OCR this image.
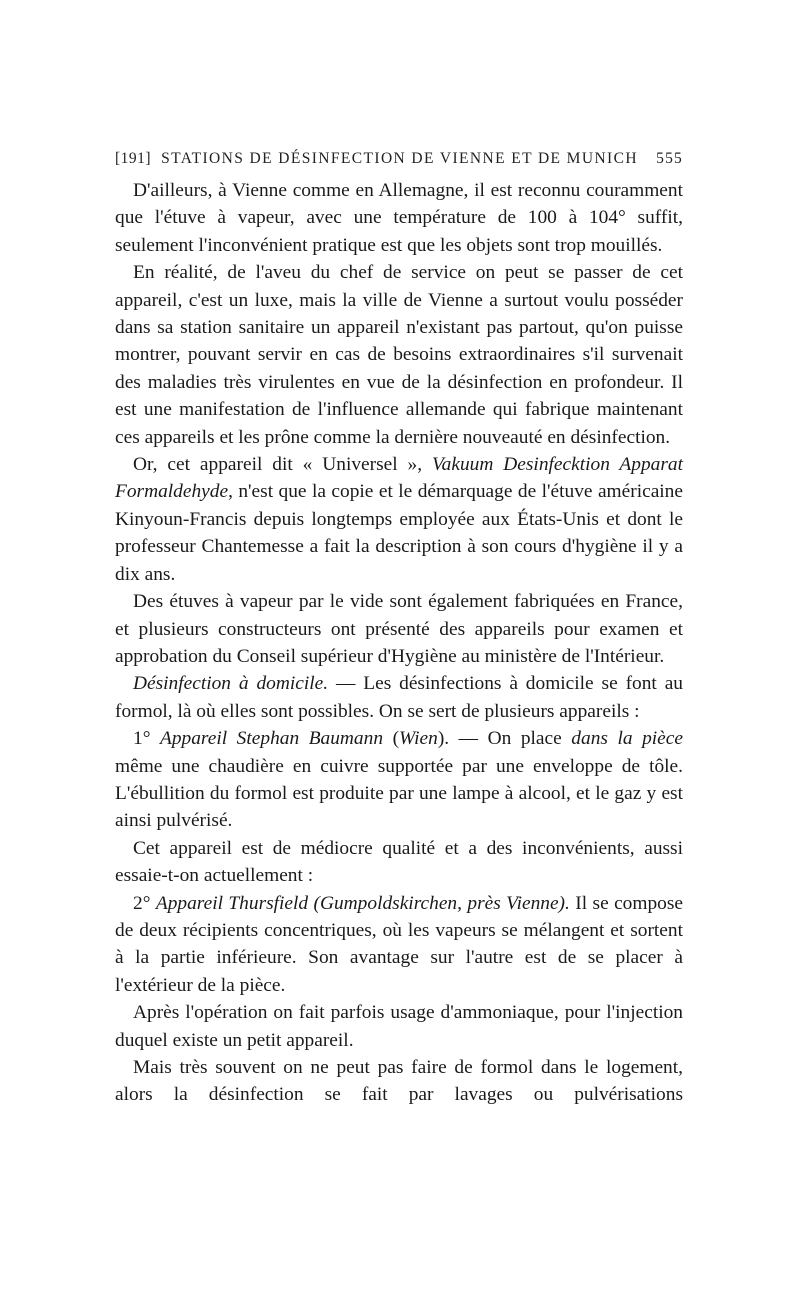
[191] STATIONS DE DÉSINFECTION DE VIENNE ET DE MUNICH	555

D'ailleurs, à Vienne comme en Allemagne, il est reconnu couramment que l'étuve à vapeur, avec une température de 100 à 104° suffit, seulement l'inconvénient pratique est que les objets sont trop mouillés.

En réalité, de l'aveu du chef de service on peut se passer de cet appareil, c'est un luxe, mais la ville de Vienne a surtout voulu posséder dans sa station sanitaire un appareil n'existant pas partout, qu'on puisse montrer, pouvant servir en cas de besoins extraordinaires s'il survenait des maladies très virulentes en vue de la désinfection en profondeur. Il est une manifestation de l'influence allemande qui fabrique maintenant ces appareils et les prône comme la dernière nouveauté en désinfection.

Or, cet appareil dit « Universel », Vakuum Desinfecktion Apparat Formaldehyde, n'est que la copie et le démarquage de l'étuve américaine Kinyoun-Francis depuis longtemps employée aux États-Unis et dont le professeur Chantemesse a fait la description à son cours d'hygiène il y a dix ans.

Des étuves à vapeur par le vide sont également fabriquées en France, et plusieurs constructeurs ont présenté des appareils pour examen et approbation du Conseil supérieur d'Hygiène au ministère de l'Intérieur.

Désinfection à domicile. — Les désinfections à domicile se font au formol, là où elles sont possibles. On se sert de plusieurs appareils :

1° Appareil Stephan Baumann (Wien). — On place dans la pièce même une chaudière en cuivre supportée par une enveloppe de tôle. L'ébullition du formol est produite par une lampe à alcool, et le gaz y est ainsi pulvérisé.

Cet appareil est de médiocre qualité et a des inconvénients, aussi essaie-t-on actuellement :

2° Appareil Thursfield (Gumpoldskirchen, près Vienne). Il se compose de deux récipients concentriques, où les vapeurs se mélangent et sortent à la partie inférieure. Son avantage sur l'autre est de se placer à l'extérieur de la pièce.

Après l'opération on fait parfois usage d'ammoniaque, pour l'injection duquel existe un petit appareil.

Mais très souvent on ne peut pas faire de formol dans le logement, alors la désinfection se fait par lavages ou pulvérisations
